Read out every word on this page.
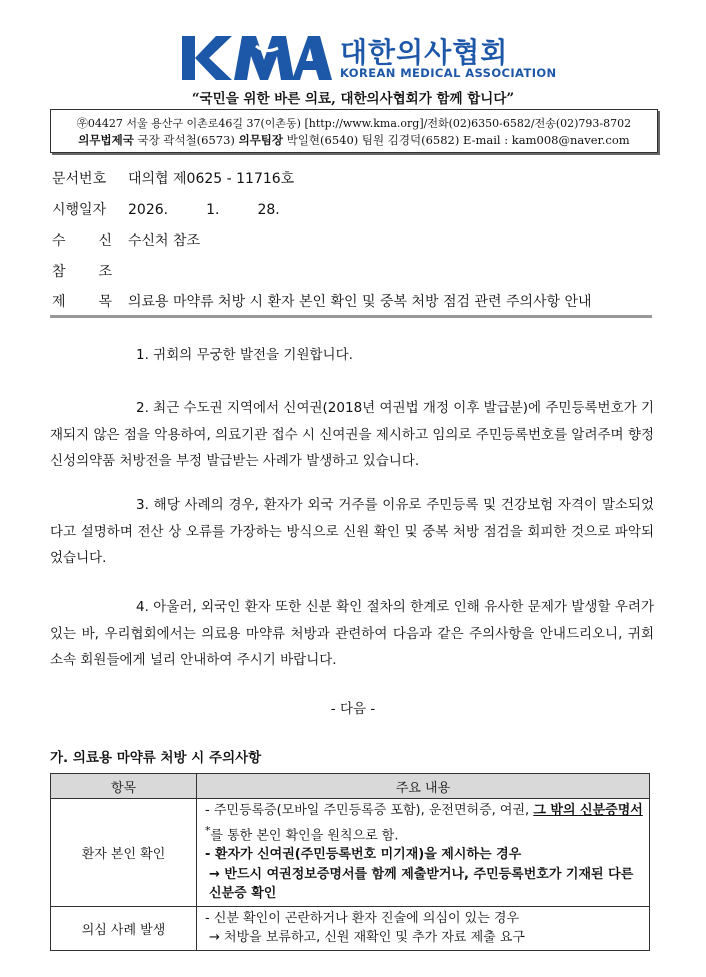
대한의사협회
KOREAN MEDICAL ASSOCIATION
“국민을 위한 바른 의료, 대한의사협회가 함께 합니다”
㉾04427 서울 용산구 이촌로46길 37(이촌동) [http://www.kma.org]/전화(02)6350-6582/전송(02)793-8702
의무법제국 국장 곽석철(6573) 의무팀장 박일현(6540) 팀원 김경덕(6582) E-mail : kam008@naver.com
문서번호 대의협 제0625 - 11716호
시행일자 2026.	1.	28.
수 신 수신처 참조
참 조
제 목 의료용 마약류 처방 시 환자 본인 확인 및 중복 처방 점검 관련 주의사항 안내
1. 귀회의 무궁한 발전을 기원합니다.
2. 최근 수도권 지역에서 신여권(2018년 여권법 개정 이후 발급분)에 주민등록번호가 기재되지 않은 점을 악용하여, 의료기관 접수 시 신여권을 제시하고 임의로 주민등록번호를 알려주며 향정신성의약품 처방전을 부정 발급받는 사례가 발생하고 있습니다.
3. 해당 사례의 경우, 환자가 외국 거주를 이유로 주민등록 및 건강보험 자격이 말소되었다고 설명하며 전산 상 오류를 가장하는 방식으로 신원 확인 및 중복 처방 점검을 회피한 것으로 파악되었습니다.
4. 아울러, 외국인 환자 또한 신분 확인 절차의 한계로 인해 유사한 문제가 발생할 우려가 있는 바, 우리협회에서는 의료용 마약류 처방과 관련하여 다음과 같은 주의사항을 안내드리오니, 귀회 소속 회원들에게 널리 안내하여 주시기 바랍니다.
- 다음 -
가. 의료용 마약류 처방 시 주의사항
항목	주요 내용
환자 본인 확인	- 주민등록증(모바일 주민등록증 포함), 운전면허증, 여권, 그 밖의 신분증명서*를 통한 본인 확인을 원칙으로 함.
- 환자가 신여권(주민등록번호 미기재)을 제시하는 경우
→ 반드시 여권정보증명서를 함께 제출받거나, 주민등록번호가 기재된 다른 신분증 확인

의심 사례 발생	- 신분 확인이 곤란하거나 환자 진술에 의심이 있는 경우
→ 처방을 보류하고, 신원 재확인 및 추가 자료 제출 요구
